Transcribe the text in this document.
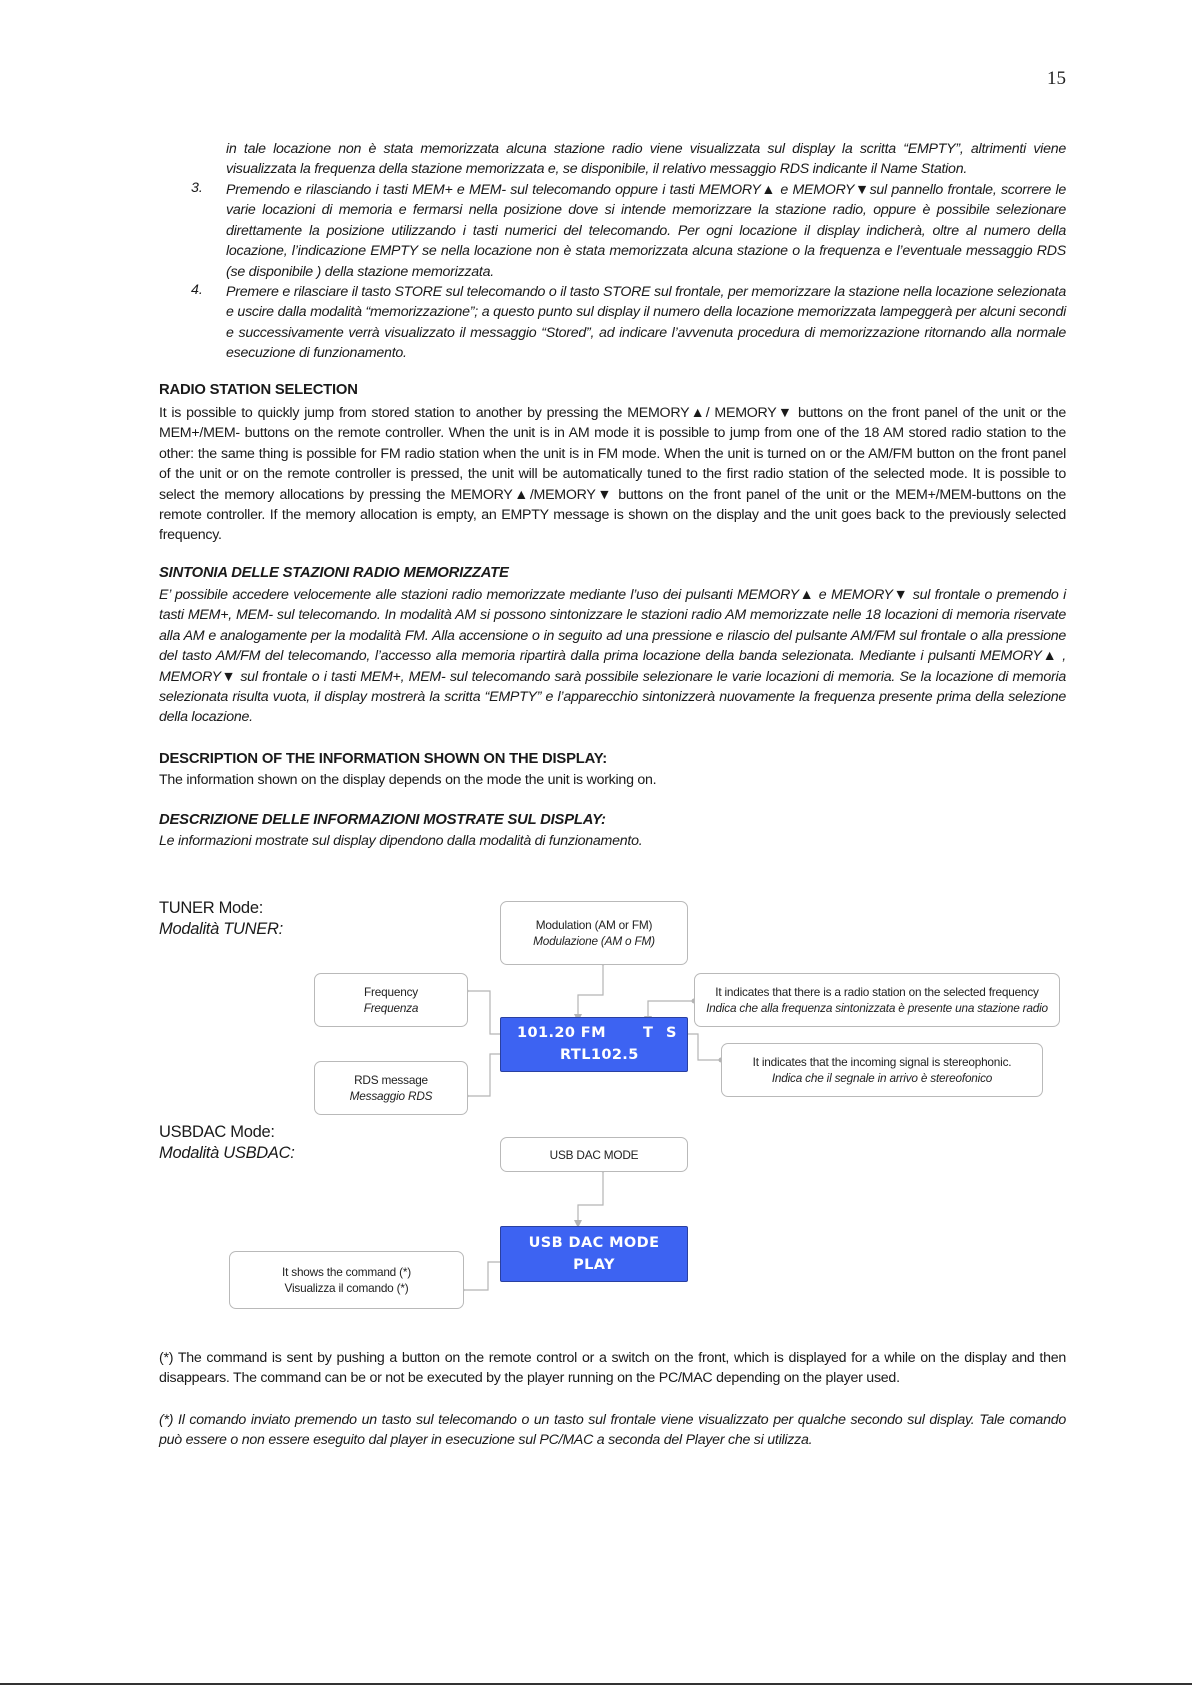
15

in tale locazione non è stata memorizzata alcuna stazione radio viene visualizzata sul display la scritta “EMPTY”, altrimenti viene visualizzata la frequenza della stazione memorizzata e, se disponibile, il relativo messaggio RDS indicante il Name Station.

3. Premendo e rilasciando i tasti MEM+ e MEM- sul telecomando oppure i tasti MEMORY▲ e MEMORY▼sul pannello frontale, scorrere le varie locazioni di memoria e fermarsi nella posizione dove si intende memorizzare la stazione radio, oppure è possibile selezionare direttamente la posizione utilizzando i tasti numerici del telecomando. Per ogni locazione il display indicherà, oltre al numero della locazione, l’indicazione EMPTY se nella locazione non è stata memorizzata alcuna stazione o la frequenza e l’eventuale messaggio RDS (se disponibile ) della stazione memorizzata.

4. Premere e rilasciare il tasto STORE sul telecomando o il tasto STORE sul frontale, per memorizzare la stazione nella locazione selezionata e uscire dalla modalità “memorizzazione”; a questo punto sul display il numero della locazione memorizzata lampeggerà per alcuni secondi e successivamente verrà visualizzato il messaggio “Stored”, ad indicare l’avvenuta procedura di memorizzazione ritornando alla normale esecuzione di funzionamento.

RADIO STATION SELECTION

It is possible to quickly jump from stored station to another by pressing the MEMORY▲/ MEMORY▼ buttons on the front panel of the unit or the MEM+/MEM- buttons on the remote controller. When the unit is in AM mode it is possible to jump from one of the 18 AM stored radio station to the other: the same thing is possible for FM radio station when the unit is in FM mode. When the unit is turned on or the AM/FM button on the front panel of the unit or on the remote controller is pressed, the unit will be automatically tuned to the first radio station of the selected mode. It is possible to select the memory allocations by pressing the MEMORY▲/MEMORY▼ buttons on the front panel of the unit or the MEM+/MEM-buttons on the remote controller. If the memory allocation is empty, an EMPTY message is shown on the display and the unit goes back to the previously selected frequency.

SINTONIA DELLE STAZIONI RADIO MEMORIZZATE

E’ possibile accedere velocemente alle stazioni radio memorizzate mediante l’uso dei pulsanti MEMORY▲ e MEMORY▼ sul frontale o premendo i tasti MEM+, MEM- sul telecomando. In modalità AM si possono sintonizzare le stazioni radio AM memorizzate nelle 18 locazioni di memoria riservate alla AM e analogamente per la modalità FM. Alla accensione o in seguito ad una pressione e rilascio del pulsante AM/FM sul frontale o alla pressione del tasto AM/FM del telecomando, l’accesso alla memoria ripartirà dalla prima locazione della banda selezionata. Mediante i pulsanti MEMORY▲ , MEMORY▼ sul frontale o i tasti MEM+, MEM- sul telecomando sarà possibile selezionare le varie locazioni di memoria. Se la locazione di memoria selezionata risulta vuota, il display mostrerà la scritta “EMPTY” e l’apparecchio sintonizzerà nuovamente la frequenza presente prima della selezione della locazione.

DESCRIPTION OF THE INFORMATION SHOWN ON THE DISPLAY:

The information shown on the display depends on the mode the unit is working on.

DESCRIZIONE DELLE INFORMAZIONI MOSTRATE SUL DISPLAY:

Le informazioni mostrate sul display dipendono dalla modalità di funzionamento.

TUNER Mode:
Modalità TUNER:	Modulation (AM or FM)
Modulazione (AM o FM)
Frequency
Frequenza
RDS message
Messaggio RDS
It indicates that there is a radio station on the selected frequency
Indica che alla frequenza sintonizzata è presente una stazione radio
It indicates that the incoming signal is stereophonic.
Indica che il segnale in arrivo è stereofonico
101.20 FM	T S
RTL102.5
USBDAC Mode:
Modalità USBDAC:	USB DAC MODE
It shows the command (*)
Visualizza il comando (*)
USB DAC MODE
PLAY

(*) The command is sent by pushing a button on the remote control or a switch on the front, which is displayed for a while on the display and then disappears. The command can be or not be executed by the player running on the PC/MAC depending on the player used.

(*) Il comando inviato premendo un tasto sul telecomando o un tasto sul frontale viene visualizzato per qualche secondo sul display. Tale comando può essere o non essere eseguito dal player in esecuzione sul PC/MAC a seconda del Player che si utilizza.
